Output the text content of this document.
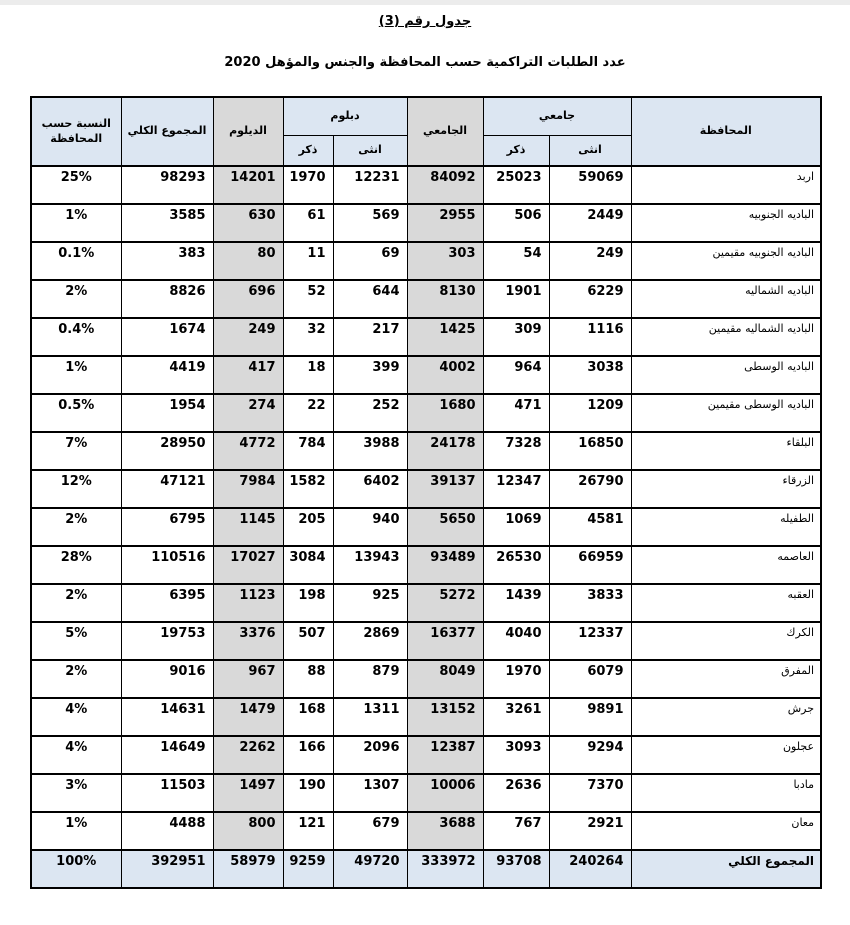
جدول رقم (3)
عدد الطلبات التراكمية حسب المحافظة والجنس والمؤهل 2020
المحافظة	جامعي		الجامعي	دبلوم		الديلوم	المجموع الكلي	النسبة حسب المحافظة
	انثى	ذكر		انثى	ذكر			
اربد	59069	25023	84092	12231	1970	14201	98293	25%
الباديه الجنوبيه	2449	506	2955	569	61	630	3585	1%
الباديه الجنوبيه مقيمين	249	54	303	69	11	80	383	0.1%
الباديه الشماليه	6229	1901	8130	644	52	696	8826	2%
الباديه الشماليه مقيمين	1116	309	1425	217	32	249	1674	0.4%
الباديه الوسطى	3038	964	4002	399	18	417	4419	1%
الباديه الوسطى مقيمين	1209	471	1680	252	22	274	1954	0.5%
البلقاء	16850	7328	24178	3988	784	4772	28950	7%
الزرقاء	26790	12347	39137	6402	1582	7984	47121	12%
الطفيله	4581	1069	5650	940	205	1145	6795	2%
العاصمه	66959	26530	93489	13943	3084	17027	110516	28%
العقبه	3833	1439	5272	925	198	1123	6395	2%
الكرك	12337	4040	16377	2869	507	3376	19753	5%
المفرق	6079	1970	8049	879	88	967	9016	2%
جرش	9891	3261	13152	1311	168	1479	14631	4%
عجلون	9294	3093	12387	2096	166	2262	14649	4%
مادبا	7370	2636	10006	1307	190	1497	11503	3%
معان	2921	767	3688	679	121	800	4488	1%
المجموع الكلي	240264	93708	333972	49720	9259	58979	392951	100%
